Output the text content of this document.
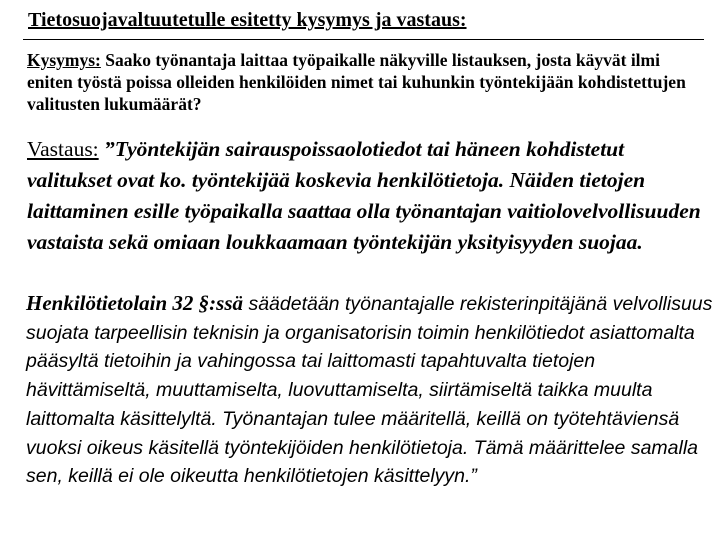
Tietosuojavaltuutetulle esitetty kysymys ja vastaus:

Kysymys: Saako työnantaja laittaa työpaikalle näkyville listauksen, josta käyvät ilmi eniten työstä poissa olleiden henkilöiden nimet tai kuhunkin työntekijään kohdistettujen valitusten lukumäärät?

Vastaus: ”Työntekijän sairauspoissaolotiedot tai häneen kohdistetut valitukset ovat ko. työntekijää koskevia henkilötietoja. Näiden tietojen laittaminen esille työpaikalla saattaa olla työnantajan vaitiolovelvollisuuden vastaista sekä omiaan loukkaamaan työntekijän yksityisyyden suojaa.

Henkilötietolain 32 §:ssä säädetään työnantajalle rekisterinpitäjänä velvollisuus suojata tarpeellisin teknisin ja organisatorisin toimin henkilötiedot asiattomalta pääsyltä tietoihin ja vahingossa tai laittomasti tapahtuvalta tietojen hävittämiseltä, muuttamiselta, luovuttamiselta, siirtämiseltä taikka muulta laittomalta käsittelyltä. Työnantajan tulee määritellä, keillä on työtehtäviensä vuoksi oikeus käsitellä työntekijöiden henkilötietoja. Tämä määrittelee samalla sen, keillä ei ole oikeutta henkilötietojen käsittelyyn.”
